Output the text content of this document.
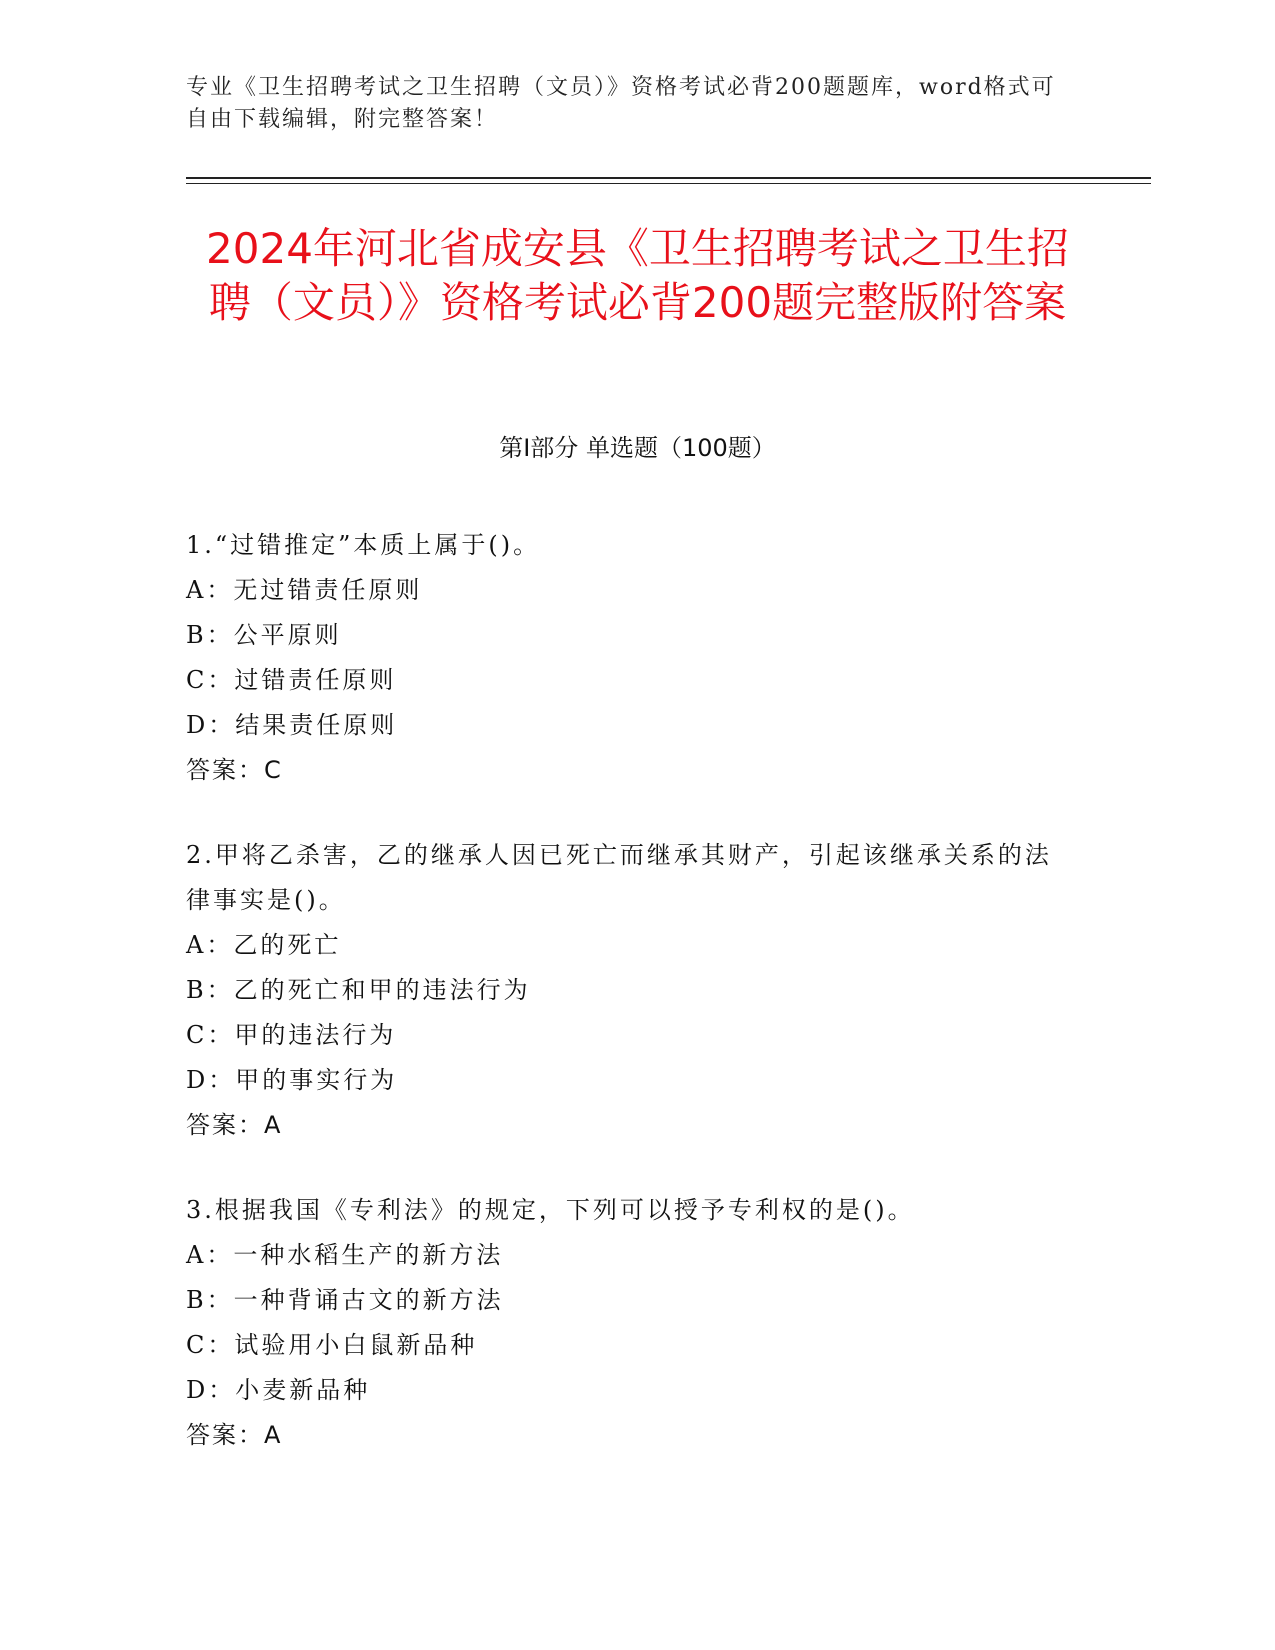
专业《卫生招聘考试之卫生招聘（文员）》资格考试必背200题题库，word格式可自由下载编辑，附完整答案！
2024年河北省成安县《卫生招聘考试之卫生招聘（文员）》资格考试必背200题完整版附答案
第Ⅰ部分 单选题（100题）

1.“过错推定”本质上属于()。

A：无过错责任原则

B：公平原则

C：过错责任原则

D：结果责任原则

答案：C

2.甲将乙杀害，乙的继承人因已死亡而继承其财产，引起该继承关系的法律事实是()。

A：乙的死亡

B：乙的死亡和甲的违法行为

C：甲的违法行为

D：甲的事实行为

答案：A

3.根据我国《专利法》的规定，下列可以授予专利权的是()。

A：一种水稻生产的新方法

B：一种背诵古文的新方法

C：试验用小白鼠新品种

D：小麦新品种

答案：A
